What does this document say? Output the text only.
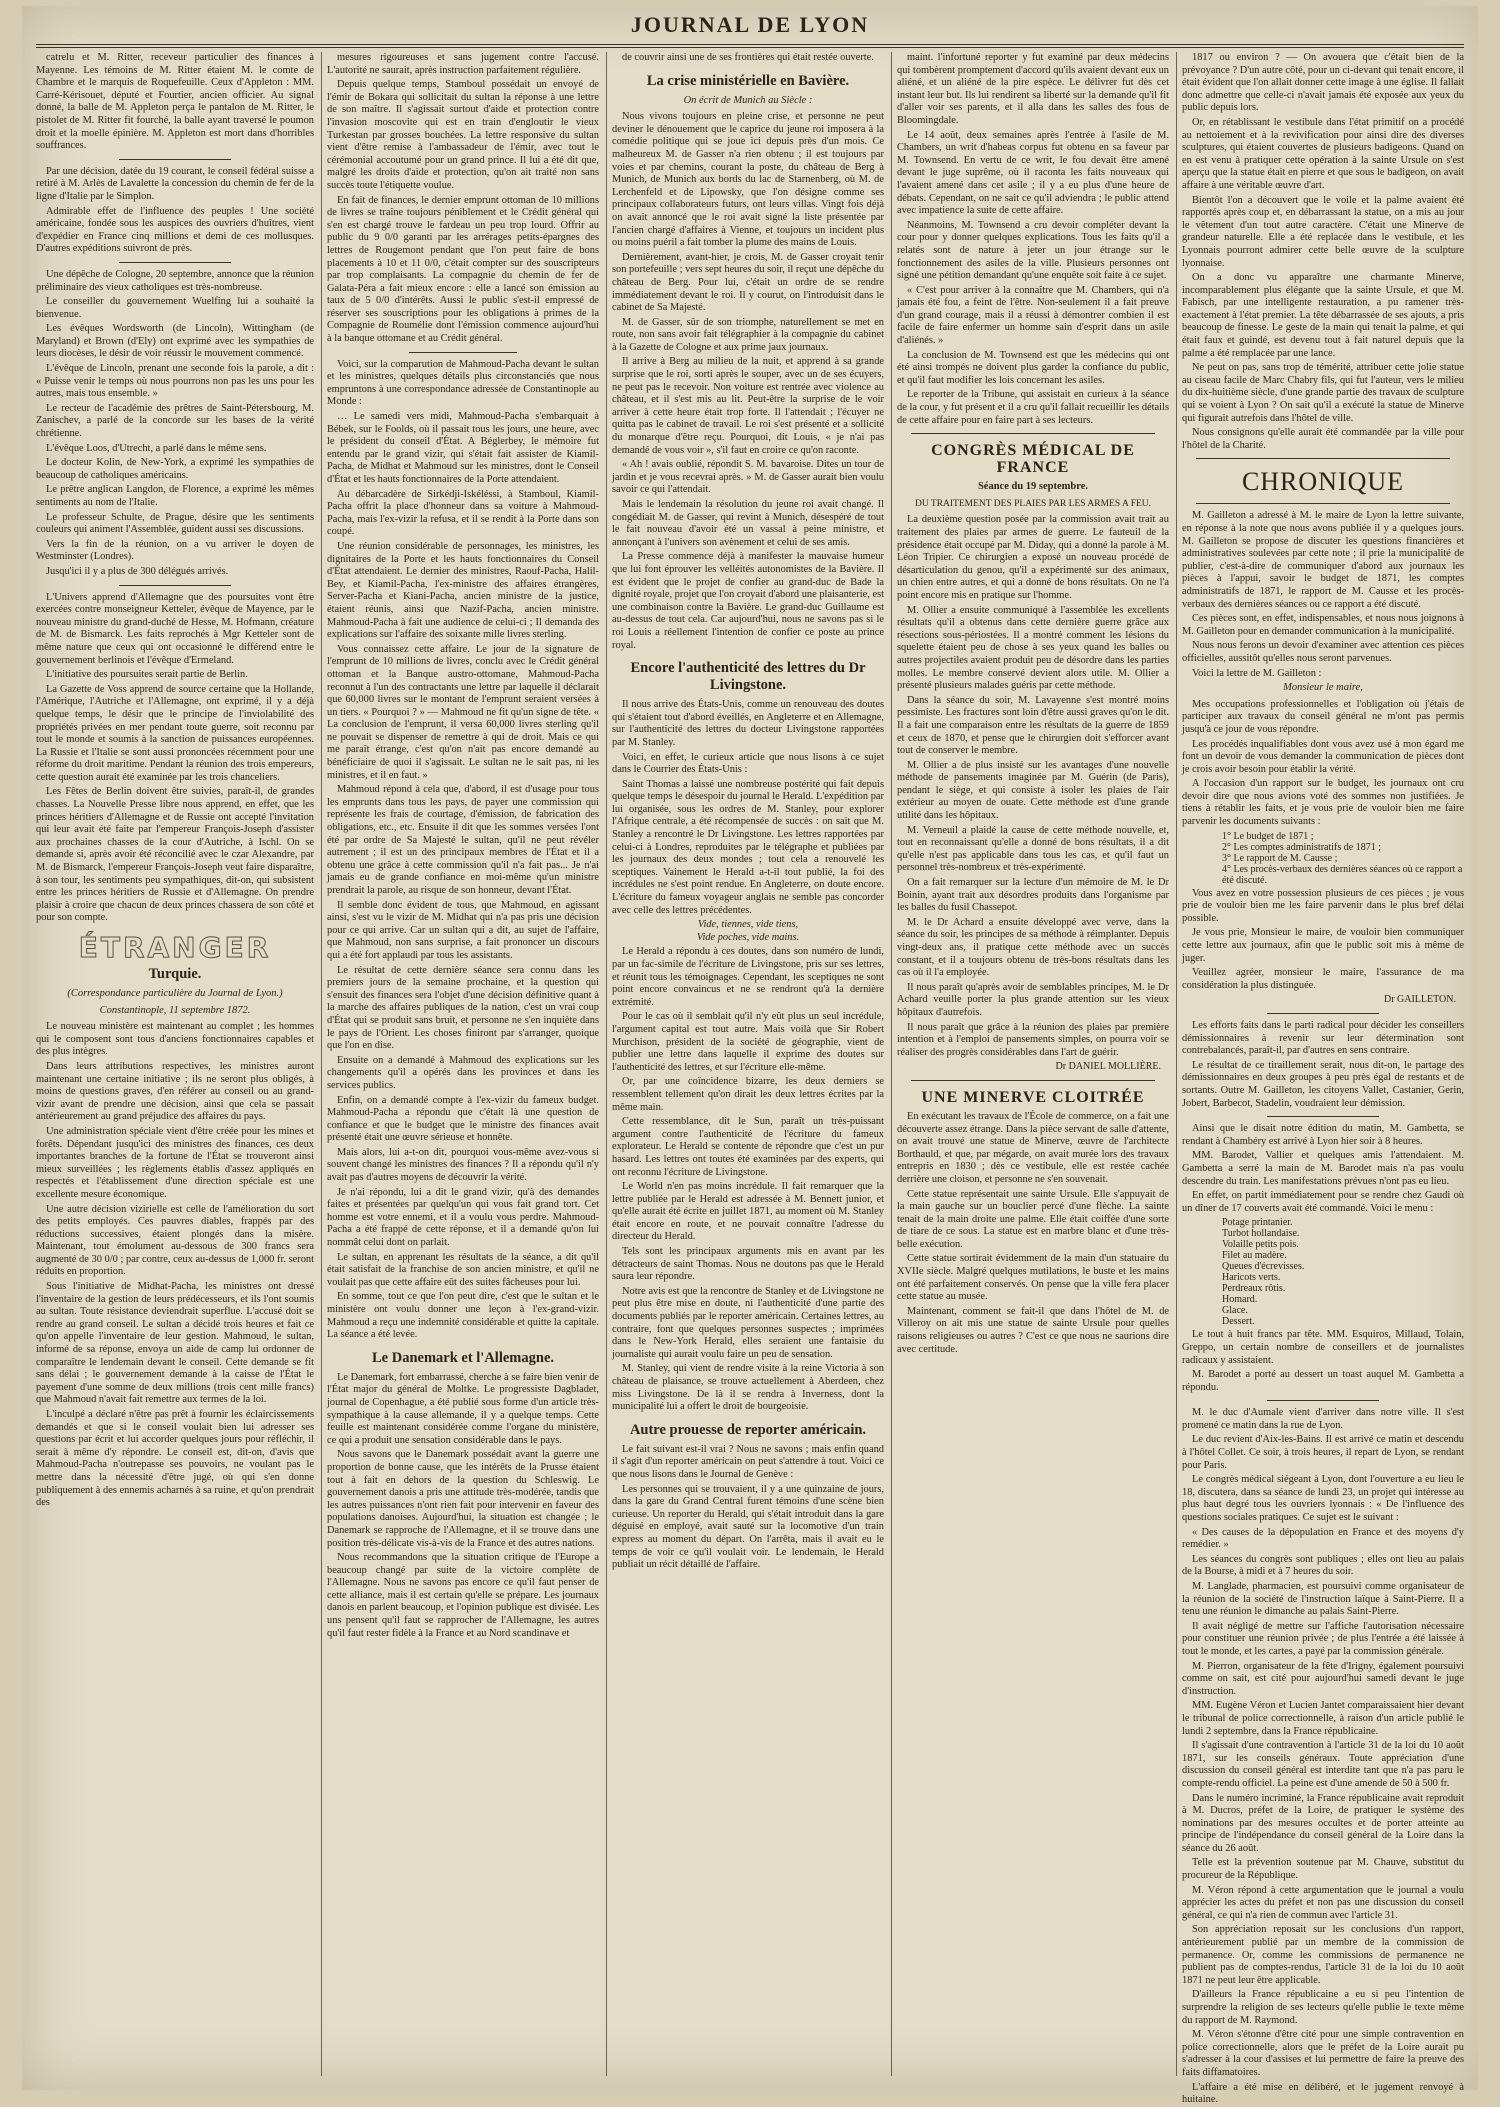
JOURNAL DE LYON

catrelu et M. Ritter, receveur particulier des finances à Mayenne. Les témoins de M. Ritter étaient M. le comte de Chambre et le marquis de Roquefeuille. Ceux d'Appleton : MM. Carré-Kérisouet, député et Fourtier, ancien officier. Au signal donné, la balle de M. Appleton perça le pantalon de M. Ritter, le pistolet de M. Ritter fit fourché, la balle ayant traversé le poumon droit et la moelle épinière. M. Appleton est mort dans d'horribles souffrances.

Par une décision, datée du 19 courant, le conseil fédéral suisse a retiré à M. Arlès de Lavalette la concession du chemin de fer de la ligne d'Italie par le Simplon.

Admirable effet de l'influence des peuples ! Une société américaine, fondée sous les auspices des ouvriers d'huîtres, vient d'expédier en France cinq millions et demi de ces mollusques. D'autres expéditions suivront de près.

Une dépêche de Cologne, 20 septembre, annonce que la réunion préliminaire des vieux catholiques est très-nombreuse.

Le conseiller du gouvernement Wuelfing lui a souhaité la bienvenue.

Les évêques Wordsworth (de Lincoln), Wittingham (de Maryland) et Brown (d'Ely) ont exprimé avec les sympathies de leurs diocèses, le désir de voir réussir le mouvement commencé.

L'évêque de Lincoln, prenant une seconde fois la parole, a dit : « Puisse venir le temps où nous pourrons non pas les uns pour les autres, mais tous ensemble. »

Le recteur de l'académie des prêtres de Saint-Pétersbourg, M. Zanischev, a parlé de la concorde sur les bases de la vérité chrétienne.

L'évêque Loos, d'Utrecht, a parlé dans le même sens.

Le docteur Kolin, de New-York, a exprimé les sympathies de beaucoup de catholiques américains.

Le prêtre anglican Langdon, de Florence, a exprimé les mêmes sentiments au nom de l'Italie.

Le professeur Schulte, de Prague, désire que les sentiments couleurs qui animent l'Assemblée, guident aussi ses discussions.

Vers la fin de la réunion, on a vu arriver le doyen de Westminster (Londres).

Jusqu'ici il y a plus de 300 délégués arrivés.

L'Univers apprend d'Allemagne que des poursuites vont être exercées contre monseigneur Ketteler, évêque de Mayence, par le nouveau ministre du grand-duché de Hesse, M. Hofmann, créature de M. de Bismarck. Les faits reprochés à Mgr Ketteler sont de même nature que ceux qui ont occasionné le différend entre le gouvernement berlinois et l'évêque d'Ermeland.

L'initiative des poursuites serait partie de Berlin.

La Gazette de Voss apprend de source certaine que la Hollande, l'Amérique, l'Autriche et l'Allemagne, ont exprimé, il y a déjà quelque temps, le désir que le principe de l'inviolabilité des propriétés privées en mer pendant toute guerre, soit reconnu par tout le monde et soumis à la sanction de puissances européennes. La Russie et l'Italie se sont aussi prononcées récemment pour une réforme du droit maritime. Pendant la réunion des trois empereurs, cette question aurait été examinée par les trois chanceliers.

Les Fêtes de Berlin doivent être suivies, paraît-il, de grandes chasses. La Nouvelle Presse libre nous apprend, en effet, que les princes héritiers d'Allemagne et de Russie ont accepté l'invitation qui leur avait été faite par l'empereur François-Joseph d'assister aux prochaines chasses de la cour d'Autriche, à Ischl. On se demande si, après avoir été réconcilié avec le czar Alexandre, par M. de Bismarck, l'empereur François-Joseph veut faire disparaître, à son tour, les sentiments peu sympathiques, dit-on, qui subsistent entre les princes héritiers de Russie et d'Allemagne. On prendre plaisir à croire que chacun de deux princes chassera de son côté et pour son compte.

ÉTRANGER
Turquie.
(Correspondance particulière du Journal de Lyon.)
Constantinople, 11 septembre 1872.

Le nouveau ministère est maintenant au complet ; les hommes qui le composent sont tous d'anciens fonctionnaires capables et des plus intègres.

Dans leurs attributions respectives, les ministres auront maintenant une certaine initiative ; ils ne seront plus obligés, à moins de questions graves, d'en référer au conseil ou au grand-vizir avant de prendre une décision, ainsi que cela se passait antérieurement au grand préjudice des affaires du pays.

Une administration spéciale vient d'être créée pour les mines et forêts. Dépendant jusqu'ici des ministres des finances, ces deux importantes branches de la fortune de l'État se trouveront ainsi mieux surveillées ; les règlements établis d'assez appliqués en respectés et l'établissement d'une direction spéciale est une excellente mesure économique.

Une autre décision vizirielle est celle de l'amélioration du sort des petits employés. Ces pauvres diables, frappés par des réductions successives, étaient plongés dans la misère. Maintenant, tout émolument au-dessous de 300 francs sera augmenté de 30 0/0 ; par contre, ceux au-dessus de 1,000 fr. seront réduits en proportion.

Sous l'initiative de Midhat-Pacha, les ministres ont dressé l'inventaire de la gestion de leurs prédécesseurs, et ils l'ont soumis au sultan. Toute résistance deviendrait superflue. L'accusé doit se rendre au grand conseil. Le sultan a décidé trois heures et fait ce qu'on appelle l'inventaire de leur gestion. Mahmoud, le sultan, informé de sa réponse, envoya un aide de camp lui ordonner de comparaître le lendemain devant le conseil. Cette demande se fit sans délai ; le gouvernement demande à la caisse de l'État le payement d'une somme de deux millions (trois cent mille francs) que Mahmoud n'avait fait remettre aux termes de la loi.

L'inculpé a déclaré n'être pas prêt à fournir les éclaircissements demandés et que si le conseil voulait bien lui adresser ses questions par écrit et lui accorder quelques jours pour réfléchir, il serait à même d'y répondre. Le conseil est, dit-on, d'avis que Mahmoud-Pacha n'outrepasse ses pouvoirs, ne voulant pas le mettre dans la nécessité d'être jugé, où qui s'en donne publiquement à des ennemis acharnés à sa ruine, et qu'on prendrait des

mesures rigoureuses et sans jugement contre l'accusé. L'autorité ne saurait, après instruction parfaitement régulière.

Depuis quelque temps, Stamboul possédait un envoyé de l'émir de Bokara qui sollicitait du sultan la réponse à une lettre de son maître. Il s'agissait surtout d'aide et protection contre l'invasion moscovite qui est en train d'engloutir le vieux Turkestan par grosses bouchées. La lettre responsive du sultan vient d'être remise à l'ambassadeur de l'émir, avec tout le cérémonial accoutumé pour un grand prince. Il lui a été dit que, malgré les droits d'aide et protection, qu'on ait traité non sans succès toute l'étiquette voulue.

En fait de finances, le dernier emprunt ottoman de 10 millions de livres se traîne toujours péniblement et le Crédit général qui s'en est chargé trouve le fardeau un peu trop lourd. Offrir au public du 9 0/0 garanti par les arrérages petits-épargnes des lettres de Rougemont pendant que l'on peut faire de bons placements à 10 et 11 0/0, c'était compter sur des souscripteurs par trop complaisants. La compagnie du chemin de fer de Galata-Péra a fait mieux encore : elle a lancé son émission au taux de 5 0/0 d'intérêts. Aussi le public s'est-il empressé de réserver ses souscriptions pour les obligations à primes de la Compagnie de Roumélie dont l'émission commence aujourd'hui à la banque ottomane et au Crédit général.

Voici, sur la comparution de Mahmoud-Pacha devant le sultan et les ministres, quelques détails plus circonstanciés que nous empruntons à une correspondance adressée de Constantinople au Monde :

… Le samedi vers midi, Mahmoud-Pacha s'embarquait à Bébek, sur le Foolds, où il passait tous les jours, une heure, avec le président du conseil d'État. A Béglerbey, le mémoire fut entendu par le grand vizir, qui s'était fait assister de Kiamil-Pacha, de Midhat et Mahmoud sur les ministres, dont le Conseil d'État et les hauts fonctionnaires de la Porte attendaient.

Au débarcadère de Sirkédji-Iskéléssi, à Stamboul, Kiamil-Pacha offrit la place d'honneur dans sa voiture à Mahmoud-Pacha, mais l'ex-vizir la refusa, et il se rendit à la Porte dans son coupé.

Une réunion considérable de personnages, les ministres, les dignitaires de la Porte et les hauts fonctionnaires du Conseil d'État attendaient. Le dernier des ministres, Raouf-Pacha, Halil-Bey, et Kiamil-Pacha, l'ex-ministre des affaires étrangères, Server-Pacha et Kiani-Pacha, ancien ministre de la justice, étaient réunis, ainsi que Nazif-Pacha, ancien ministre. Mahmoud-Pacha à fait une audience de celui-ci ; Il demanda des explications sur l'affaire des soixante mille livres sterling.

Vous connaissez cette affaire. Le jour de la signature de l'emprunt de 10 millions de livres, conclu avec le Crédit général ottoman et la Banque austro-ottomane, Mahmoud-Pacha reconnut à l'un des contractants une lettre par laquelle il déclarait que 60,000 livres sur le montant de l'emprunt seraient versées à un tiers. « Pourquoi ? » — Mahmoud ne fit qu'un signe de tête. « La conclusion de l'emprunt, il versa 60,000 livres sterling qu'il ne pouvait se dispenser de remettre à qui de droit. Mais ce qui me paraît étrange, c'est qu'on n'ait pas encore demandé au bénéficiaire de quoi il s'agissait. Le sultan ne le sait pas, ni les ministres, et il en faut. »

Mahmoud répond à cela que, d'abord, il est d'usage pour tous les emprunts dans tous les pays, de payer une commission qui représente les frais de courtage, d'émission, de fabrication des obligations, etc., etc. Ensuite il dit que les sommes versées l'ont été par ordre de Sa Majesté le sultan, qu'il ne peut révéler autrement ; il est un des principaux membres de l'État et il a obtenu une grâce à cette commission qu'il n'a fait pas... Je n'ai jamais eu de grande confiance en moi-même qu'un ministre prendrait la parole, au risque de son honneur, devant l'État.

Il semble donc évident de tous, que Mahmoud, en agissant ainsi, s'est vu le vizir de M. Midhat qui n'a pas pris une décision pour ce qui arrive. Car un sultan qui a dit, au sujet de l'affaire, que Mahmoud, non sans surprise, a fait prononcer un discours qui a été fort applaudi par tous les assistants.

Le résultat de cette dernière séance sera connu dans les premiers jours de la semaine prochaine, et la question qui s'ensuit des finances sera l'objet d'une décision définitive quant à la marche des affaires publiques de la nation, c'est un vrai coup d'État qui se produit sans bruit, et personne ne s'en inquiète dans le pays de l'Orient. Les choses finiront par s'arranger, quoique que l'on en dise.

Ensuite on a demandé à Mahmoud des explications sur les changements qu'il a opérés dans les provinces et dans les services publics.

Enfin, on a demandé compte à l'ex-vizir du fameux budget. Mahmoud-Pacha a répondu que c'était là une question de confiance et que le budget que le ministre des finances avait présenté était une œuvre sérieuse et honnête.

Mais alors, lui a-t-on dit, pourquoi vous-même avez-vous si souvent changé les ministres des finances ? Il a répondu qu'il n'y avait pas d'autres moyens de découvrir la vérité.

Je n'ai répondu, lui a dit le grand vizir, qu'à des demandes faites et présentées par quelqu'un qui vous fait grand tort. Cet homme est votre ennemi, et il a voulu vous perdre. Mahmoud-Pacha a été frappé de cette réponse, et il a demandé qu'on lui nommât celui dont on parlait.

Le sultan, en apprenant les résultats de la séance, a dit qu'il était satisfait de la franchise de son ancien ministre, et qu'il ne voulait pas que cette affaire eût des suites fâcheuses pour lui.

En somme, tout ce que l'on peut dire, c'est que le sultan et le ministère ont voulu donner une leçon à l'ex-grand-vizir. Mahmoud a reçu une indemnité considérable et quitte la capitale. La séance a été levée.

Le Danemark et l'Allemagne.

Le Danemark, fort embarrassé, cherche à se faire bien venir de l'État major du général de Moltke. Le progressiste Dagbladet, journal de Copenhague, a été publié sous forme d'un article très-sympathique à la cause allemande, il y a quelque temps. Cette feuille est maintenant considérée comme l'organe du ministère, ce qui a produit une sensation considérable dans le pays.

Nous savons que le Danemark possédait avant la guerre une proportion de bonne cause, que les intérêts de la Prusse étaient tout à fait en dehors de la question du Schleswig. Le gouvernement danois a pris une attitude très-modérée, tandis que les autres puissances n'ont rien fait pour intervenir en faveur des populations danoises. Aujourd'hui, la situation est changée ; le Danemark se rapproche de l'Allemagne, et il se trouve dans une position très-délicate vis-à-vis de la France et des autres nations.

Nous recommandons que la situation critique de l'Europe a beaucoup changé par suite de la victoire complète de l'Allemagne. Nous ne savons pas encore ce qu'il faut penser de cette alliance, mais il est certain qu'elle se prépare. Les journaux danois en parlent beaucoup, et l'opinion publique est divisée. Les uns pensent qu'il faut se rapprocher de l'Allemagne, les autres qu'il faut rester fidèle à la France et au Nord scandinave et

de couvrir ainsi une de ses frontières qui était restée ouverte.

La crise ministérielle en Bavière.
On écrit de Munich au Siècle :

Nous vivons toujours en pleine crise, et personne ne peut deviner le dénouement que le caprice du jeune roi imposera à la comédie politique qui se joue ici depuis près d'un mois. Ce malheureux M. de Gasser n'a rien obtenu ; il est toujours par voies et par chemins, courant la poste, du château de Berg à Munich, de Munich aux bords du lac de Starnenberg, où M. de Lerchenfeld et de Lipowsky, que l'on désigne comme ses principaux collaborateurs futurs, ont leurs villas. Vingt fois déjà on avait annoncé que le roi avait signé la liste présentée par l'ancien chargé d'affaires à Vienne, et toujours un incident plus ou moins puéril a fait tomber la plume des mains de Louis.

Dernièrement, avant-hier, je crois, M. de Gasser croyait tenir son portefeuille ; vers sept heures du soir, il reçut une dépêche du château de Berg. Pour lui, c'était un ordre de se rendre immédiatement devant le roi. Il y courut, on l'introduisit dans le cabinet de Sa Majesté.

M. de Gasser, sûr de son triomphe, naturellement se met en route, non sans avoir fait télégraphier à la compagnie du cabinet à la Gazette de Cologne et aux prime jaux journaux.

Il arrive à Berg au milieu de la nuit, et apprend à sa grande surprise que le roi, sorti après le souper, avec un de ses écuyers, ne peut pas le recevoir. Non voiture est rentrée avec violence au château, et il s'est mis au lit. Peut-être la surprise de le voir arriver à cette heure était trop forte. Il l'attendait ; l'écuyer ne quitta pas le cabinet de travail. Le roi s'est présenté et a sollicité du monarque d'être reçu. Pourquoi, dit Louis, « je n'ai pas demandé de vous voir », s'il faut en croire ce qu'on raconte.

« Ah ! avais oublié, répondit S. M. bavaroise. Dites un tour de jardin et je vous recevrai après. » M. de Gasser aurait bien voulu savoir ce qui l'attendait.

Mais le lendemain la résolution du jeune roi avait changé. Il congédiait M. de Gasser, qui revint à Munich, désespéré de tout le fait nouveau d'avoir été un vassal à peine ministre, et annonçant à l'univers son avènement et celui de ses amis.

La Presse commence déjà à manifester la mauvaise humeur que lui font éprouver les velléités autonomistes de la Bavière. Il est évident que le projet de confier au grand-duc de Bade la dignité royale, projet que l'on croyait d'abord une plaisanterie, est une combinaison contre la Bavière. Le grand-duc Guillaume est au-dessus de tout cela. Car aujourd'hui, nous ne savons pas si le roi Louis a réellement l'intention de confier ce poste au prince royal.

Encore l'authenticité des lettres du Dr Livingstone.

Il nous arrive des États-Unis, comme un renouveau des doutes qui s'étaient tout d'abord éveillés, en Angleterre et en Allemagne, sur l'authenticité des lettres du docteur Livingstone rapportées par M. Stanley.

Voici, en effet, le curieux article que nous lisons à ce sujet dans le Courrier des États-Unis :

Saint Thomas a laissé une nombreuse postérité qui fait depuis quelque temps le désespoir du journal le Herald. L'expédition par lui organisée, sous les ordres de M. Stanley, pour explorer l'Afrique centrale, a été récompensée de succès : on sait que M. Stanley a rencontré le Dr Livingstone. Les lettres rapportées par celui-ci à Londres, reproduites par le télégraphe et publiées par les journaux des deux mondes ; tout cela a renouvelé les sceptiques. Vainement le Herald a-t-il tout publié, la foi des incrédules ne s'est point rendue. En Angleterre, on doute encore. L'écriture du fameux voyageur anglais ne semble pas concorder avec celle des lettres précédentes.

Vide, tiennes, vide tiens,
Vide poches, vide mains.

Le Herald a répondu à ces doutes, dans son numéro de lundi, par un fac-simile de l'écriture de Livingstone, pris sur ses lettres, et réunit tous les témoignages. Cependant, les sceptiques ne sont point encore convaincus et ne se rendront qu'à la dernière extrémité.

Pour le cas où il semblait qu'il n'y eût plus un seul incrédule, l'argument capital est tout autre. Mais voilà que Sir Robert Murchison, président de la société de géographie, vient de publier une lettre dans laquelle il exprime des doutes sur l'authenticité des lettres, et sur l'écriture elle-même.

Or, par une coïncidence bizarre, les deux derniers se ressemblent tellement qu'on dirait les deux lettres écrites par la même main.

Cette ressemblance, dit le Sun, paraît un très-puissant argument contre l'authenticité de l'écriture du fameux explorateur. Le Herald se contente de répondre que c'est un pur hasard. Les lettres ont toutes été examinées par des experts, qui ont reconnu l'écriture de Livingstone.

Le World n'en pas moins incrédule. Il fait remarquer que la lettre publiée par le Herald est adressée à M. Bennett junior, et qu'elle aurait été écrite en juillet 1871, au moment où M. Stanley était encore en route, et ne pouvait connaître l'adresse du directeur du Herald.

Tels sont les principaux arguments mis en avant par les détracteurs de saint Thomas. Nous ne doutons pas que le Herald saura leur répondre.

Notre avis est que la rencontre de Stanley et de Livingstone ne peut plus être mise en doute, ni l'authenticité d'une partie des documents publiés par le reporter américain. Certaines lettres, au contraire, font que quelques personnes suspectes ; imprimées dans le New-York Herald, elles seraient une fantaisie du journaliste qui aurait voulu faire un peu de sensation.

M. Stanley, qui vient de rendre visite à la reine Victoria à son château de plaisance, se trouve actuellement à Aberdeen, chez miss Livingstone. De là il se rendra à Inverness, dont la municipalité lui a offert le droit de bourgeoisie.

Autre prouesse de reporter américain.

Le fait suivant est-il vrai ? Nous ne savons ; mais enfin quand il s'agit d'un reporter américain on peut s'attendre à tout. Voici ce que nous lisons dans le Journal de Genève :

Les personnes qui se trouvaient, il y a une quinzaine de jours, dans la gare du Grand Central furent témoins d'une scène bien curieuse. Un reporter du Herald, qui s'était introduit dans la gare déguisé en employé, avait sauté sur la locomotive d'un train express au moment du départ. On l'arrêta, mais il avait eu le temps de voir ce qu'il voulait voir. Le lendemain, le Herald publiait un récit détaillé de l'affaire.

maint. l'infortuné reporter y fut examiné par deux médecins qui tombèrent promptement d'accord qu'ils avaient devant eux un aliéné, et un aliéné de la pire espèce. Le délivrer fut dès cet instant leur but. Ils lui rendirent sa liberté sur la demande qu'il fit d'aller voir ses parents, et il alla dans les salles des fous de Bloomingdale.

Le 14 août, deux semaines après l'entrée à l'asile de M. Chambers, un writ d'habeas corpus fut obtenu en sa faveur par M. Townsend. En vertu de ce writ, le fou devait être amené devant le juge suprême, où il raconta les faits nouveaux qui l'avaient amené dans cet asile ; il y a eu plus d'une heure de débats. Cependant, on ne sait ce qu'il adviendra ; le public attend avec impatience la suite de cette affaire.

Néanmoins, M. Townsend a cru devoir compléter devant la cour pour y donner quelques explications. Tous les faits qu'il a relatés sont de nature à jeter un jour étrange sur le fonctionnement des asiles de la ville. Plusieurs personnes ont signé une pétition demandant qu'une enquête soit faite à ce sujet.

« C'est pour arriver à la connaître que M. Chambers, qui n'a jamais été fou, a feint de l'être. Non-seulement il a fait preuve d'un grand courage, mais il a réussi à démontrer combien il est facile de faire enfermer un homme sain d'esprit dans un asile d'aliénés. »

La conclusion de M. Townsend est que les médecins qui ont été ainsi trompés ne doivent plus garder la confiance du public, et qu'il faut modifier les lois concernant les asiles.

Le reporter de la Tribune, qui assistait en curieux à la séance de la cour, y fut présent et il a cru qu'il fallait recueillir les détails de cette affaire pour en faire part à ses lecteurs.

CONGRÈS MÉDICAL DE FRANCE
Séance du 19 septembre.
DU TRAITEMENT DES PLAIES PAR LES ARMES A FEU.

La deuxième question posée par la commission avait trait au traitement des plaies par armes de guerre. Le fauteuil de la présidence était occupé par M. Diday, qui a donné la parole à M. Léon Tripier. Ce chirurgien a exposé un nouveau procédé de désarticulation du genou, qu'il a expérimenté sur des animaux, un chien entre autres, et qui a donné de bons résultats. On ne l'a point encore mis en pratique sur l'homme.

M. Ollier a ensuite communiqué à l'assemblée les excellents résultats qu'il a obtenus dans cette dernière guerre grâce aux résections sous-périostées. Il a montré comment les lésions du squelette étaient peu de chose à ses yeux quand les balles ou autres projectiles avaient produit peu de désordre dans les parties molles. Le membre conservé devient alors utile. M. Ollier a présenté plusieurs malades guéris par cette méthode.

Dans la séance du soir, M. Lavayenne s'est montré moins pessimiste. Les fractures sont loin d'être aussi graves qu'on le dit. Il a fait une comparaison entre les résultats de la guerre de 1859 et ceux de 1870, et pense que le chirurgien doit s'efforcer avant tout de conserver le membre.

M. Ollier a de plus insisté sur les avantages d'une nouvelle méthode de pansements imaginée par M. Guérin (de Paris), pendant le siège, et qui consiste à isoler les plaies de l'air extérieur au moyen de ouate. Cette méthode est d'une grande utilité dans les hôpitaux.

M. Verneuil a plaidé la cause de cette méthode nouvelle, et, tout en reconnaissant qu'elle a donné de bons résultats, il a dit qu'elle n'est pas applicable dans tous les cas, et qu'il faut un personnel très-nombreux et très-expérimenté.

On a fait remarquer sur la lecture d'un mémoire de M. le Dr Boinin, ayant trait aux désordres produits dans l'organisme par les balles du fusil Chassepot.

M. le Dr Achard a ensuite développé avec verve, dans la séance du soir, les principes de sa méthode à réimplanter. Depuis vingt-deux ans, il pratique cette méthode avec un succès constant, et il a toujours obtenu de très-bons résultats dans les cas où il l'a employée.

Il nous paraît qu'après avoir de semblables principes, M. le Dr Achard veuille porter la plus grande attention sur les vieux hôpitaux d'autrefois.

Il nous paraît que grâce à la réunion des plaies par première intention et à l'emploi de pansements simples, on pourra voir se réaliser des progrès considérables dans l'art de guérir.

Dr DANIEL MOLLIÈRE.
UNE MINERVE CLOITRÉE

En exécutant les travaux de l'École de commerce, on a fait une découverte assez étrange. Dans la pièce servant de salle d'attente, on avait trouvé une statue de Minerve, œuvre de l'architecte Borthauld, et que, par mégarde, on avait murée lors des travaux entrepris en 1830 ; dès ce vestibule, elle est restée cachée derrière une cloison, et personne ne s'en souvenait.

Cette statue représentait une sainte Ursule. Elle s'appuyait de la main gauche sur un bouclier percé d'une flèche. La sainte tenait de la main droite une palme. Elle était coiffée d'une sorte de tiare de ce sous. La statue est en marbre blanc et d'une très-belle exécution.

Cette statue sortirait évidemment de la main d'un statuaire du XVIIe siècle. Malgré quelques mutilations, le buste et les mains ont été parfaitement conservés. On pense que la ville fera placer cette statue au musée.

Maintenant, comment se fait-il que dans l'hôtel de M. de Villeroy on ait mis une statue de sainte Ursule pour quelles raisons religieuses ou autres ? C'est ce que nous ne saurions dire avec certitude.

1817 ou environ ? — On avouera que c'était bien de la prévoyance ? D'un autre côté, pour un ci-devant qui tenait encore, il était évident que l'on allait donner cette image à une église. Il fallait donc admettre que celle-ci n'avait jamais été exposée aux yeux du public depuis lors.

Or, en rétablissant le vestibule dans l'état primitif on a procédé au nettoiement et à la revivification pour ainsi dire des diverses sculptures, qui étaient couvertes de plusieurs badigeons. Quand on en est venu à pratiquer cette opération à la sainte Ursule on s'est aperçu que la statue était en pierre et que sous le badigeon, on avait affaire à une véritable œuvre d'art.

Bientôt l'on a découvert que le voile et la palme avaient été rapportés après coup et, en débarrassant la statue, on a mis au jour le vêtement d'un tout autre caractère. C'était une Minerve de grandeur naturelle. Elle a été replacée dans le vestibule, et les Lyonnais pourront admirer cette belle œuvre de la sculpture lyonnaise.

On a donc vu apparaître une charmante Minerve, incomparablement plus élégante que la sainte Ursule, et que M. Fabisch, par une intelligente restauration, a pu ramener très-exactement à l'état premier. La tête débarrassée de ses ajouts, a pris beaucoup de finesse. Le geste de la main qui tenait la palme, et qui était faux et guindé, est devenu tout à fait naturel depuis que la palme a été remplacée par une lance.

Ne peut on pas, sans trop de témérité, attribuer cette jolie statue au ciseau facile de Marc Chabry fils, qui fut l'auteur, vers le milieu du dix-huitième siècle, d'une grande partie des travaux de sculpture qui se voient à Lyon ? On sait qu'il a exécuté la statue de Minerve qui figurait autrefois dans l'hôtel de ville.

Nous consignons qu'elle aurait été commandée par la ville pour l'hôtel de la Charité.

CHRONIQUE

M. Gailleton a adressé à M. le maire de Lyon la lettre suivante, en réponse à la note que nous avons publiée il y a quelques jours. M. Gailleton se propose de discuter les questions financières et administratives soulevées par cette note ; il prie la municipalité de publier, c'est-à-dire de communiquer d'abord aux journaux les pièces à l'appui, savoir le budget de 1871, les comptes administratifs de 1871, le rapport de M. Causse et les procès-verbaux des dernières séances ou ce rapport a été discuté.

Ces pièces sont, en effet, indispensables, et nous nous joignons à M. Gailleton pour en demander communication à la municipalité.

Nous nous ferons un devoir d'examiner avec attention ces pièces officielles, aussitôt qu'elles nous seront parvenues.

Voici la lettre de M. Gailleton :

Monsieur le maire,

Mes occupations professionnelles et l'obligation où j'étais de participer aux travaux du conseil général ne m'ont pas permis jusqu'à ce jour de vous répondre.

Les procédés inqualifiables dont vous avez usé à mon égard me font un devoir de vous demander la communication de pièces dont je crois avoir besoin pour établir la vérité.

A l'occasion d'un rapport sur le budget, les journaux ont cru devoir dire que nous avions voté des sommes non justifiées. Je tiens à rétablir les faits, et je vous prie de vouloir bien me faire parvenir les documents suivants :

1° Le budget de 1871 ;
2° Les comptes administratifs de 1871 ;
3° Le rapport de M. Causse ;
4° Les procès-verbaux des dernières séances où ce rapport a été discuté.

Vous avez en votre possession plusieurs de ces pièces ; je vous prie de vouloir bien me les faire parvenir dans le plus bref délai possible.

Je vous prie, Monsieur le maire, de vouloir bien communiquer cette lettre aux journaux, afin que le public soit mis à même de juger.

Veuillez agréer, monsieur le maire, l'assurance de ma considération la plus distinguée.

Dr GAILLETON.

Les efforts faits dans le parti radical pour décider les conseillers démissionnaires à revenir sur leur détermination sont contrebalancés, paraît-il, par d'autres en sens contraire.

Le résultat de ce tiraillement serait, nous dit-on, le partage des démissionnaires en deux groupes à peu près égal de restants et de sortants. Outre M. Gailleton, les citoyens Vallet, Castanier, Gerin, Jobert, Barbecot, Stadelin, voudraient leur démission.

Ainsi que le disait notre édition du matin, M. Gambetta, se rendant à Chambéry est arrivé à Lyon hier soir à 8 heures.

MM. Barodet, Vallier et quelques amis l'attendaient. M. Gambetta a serré la main de M. Barodet mais n'a pas voulu descendre du train. Les manifestations prévues n'ont pas eu lieu.

En effet, on partit immédiatement pour se rendre chez Gaudi où un dîner de 17 couverts avait été commandé. Voici le menu :

Potage printanier.
Turbot hollandaise.
Volaille petits pois.
Filet au madère.
Queues d'écrevisses.
Haricots verts.
Perdreaux rôtis.
Homard.
Glace.
Dessert.

Le tout à huit francs par tête. MM. Esquiros, Millaud, Tolain, Greppo, un certain nombre de conseillers et de journalistes radicaux y assistaient.

M. Barodet a porté au dessert un toast auquel M. Gambetta a répondu.

M. le duc d'Aumale vient d'arriver dans notre ville. Il s'est promené ce matin dans la rue de Lyon.

Le duc revient d'Aix-les-Bains. Il est arrivé ce matin et descendu à l'hôtel Collet. Ce soir, à trois heures, il repart de Lyon, se rendant pour Paris.

Le congrès médical siégeant à Lyon, dont l'ouverture a eu lieu le 18, discutera, dans sa séance de lundi 23, un projet qui intéresse au plus haut degré tous les ouvriers lyonnais : « De l'influence des questions sociales pratiques. Ce sujet est le suivant :

« Des causes de la dépopulation en France et des moyens d'y remédier. »

Les séances du congrès sont publiques ; elles ont lieu au palais de la Bourse, à midi et à 7 heures du soir.

M. Langlade, pharmacien, est poursuivi comme organisateur de la réunion de la société de l'instruction laïque à Saint-Pierre. Il a tenu une réunion le dimanche au palais Saint-Pierre.

Il avait négligé de mettre sur l'affiche l'autorisation nécessaire pour constituer une réunion privée ; de plus l'entrée a été laissée à tout le monde, et les cartes, a payé par la commission générale.

M. Pierron, organisateur de la fête d'Irigny, également poursuivi comme on sait, est cité pour aujourd'hui samedi devant le juge d'instruction.

MM. Eugène Véron et Lucien Jantet comparaissaient hier devant le tribunal de police correctionnelle, à raison d'un article publié le lundi 2 septembre, dans la France républicaine.

Il s'agissait d'une contravention à l'article 31 de la loi du 10 août 1871, sur les conseils généraux. Toute appréciation d'une discussion du conseil général est interdite tant que n'a pas paru le compte-rendu officiel. La peine est d'une amende de 50 à 500 fr.

Dans le numéro incriminé, la France républicaine avait reproduit à M. Ducros, préfet de la Loire, de pratiquer le système des nominations par des mesures occultes et de porter atteinte au principe de l'indépendance du conseil général de la Loire dans la séance du 26 août.

Telle est la prévention soutenue par M. Chauve, substitut du procureur de la République.

M. Véron répond à cette argumentation que le journal a voulu apprécier les actes du préfet et non pas une discussion du conseil général, ce qui n'a rien de commun avec l'article 31.

Son appréciation reposait sur les conclusions d'un rapport, antérieurement publié par un membre de la commission de permanence. Or, comme les commissions de permanence ne publient pas de comptes-rendus, l'article 31 de la loi du 10 août 1871 ne peut leur être applicable.

D'ailleurs la France républicaine a eu si peu l'intention de surprendre la religion de ses lecteurs qu'elle publie le texte même du rapport de M. Raymond.

M. Véron s'étonne d'être cité pour une simple contravention en police correctionnelle, alors que le préfet de la Loire aurait pu s'adresser à la cour d'assises et lui permettre de faire la preuve des faits diffamatoires.

L'affaire a été mise en délibéré, et le jugement renvoyé à huitaine.
